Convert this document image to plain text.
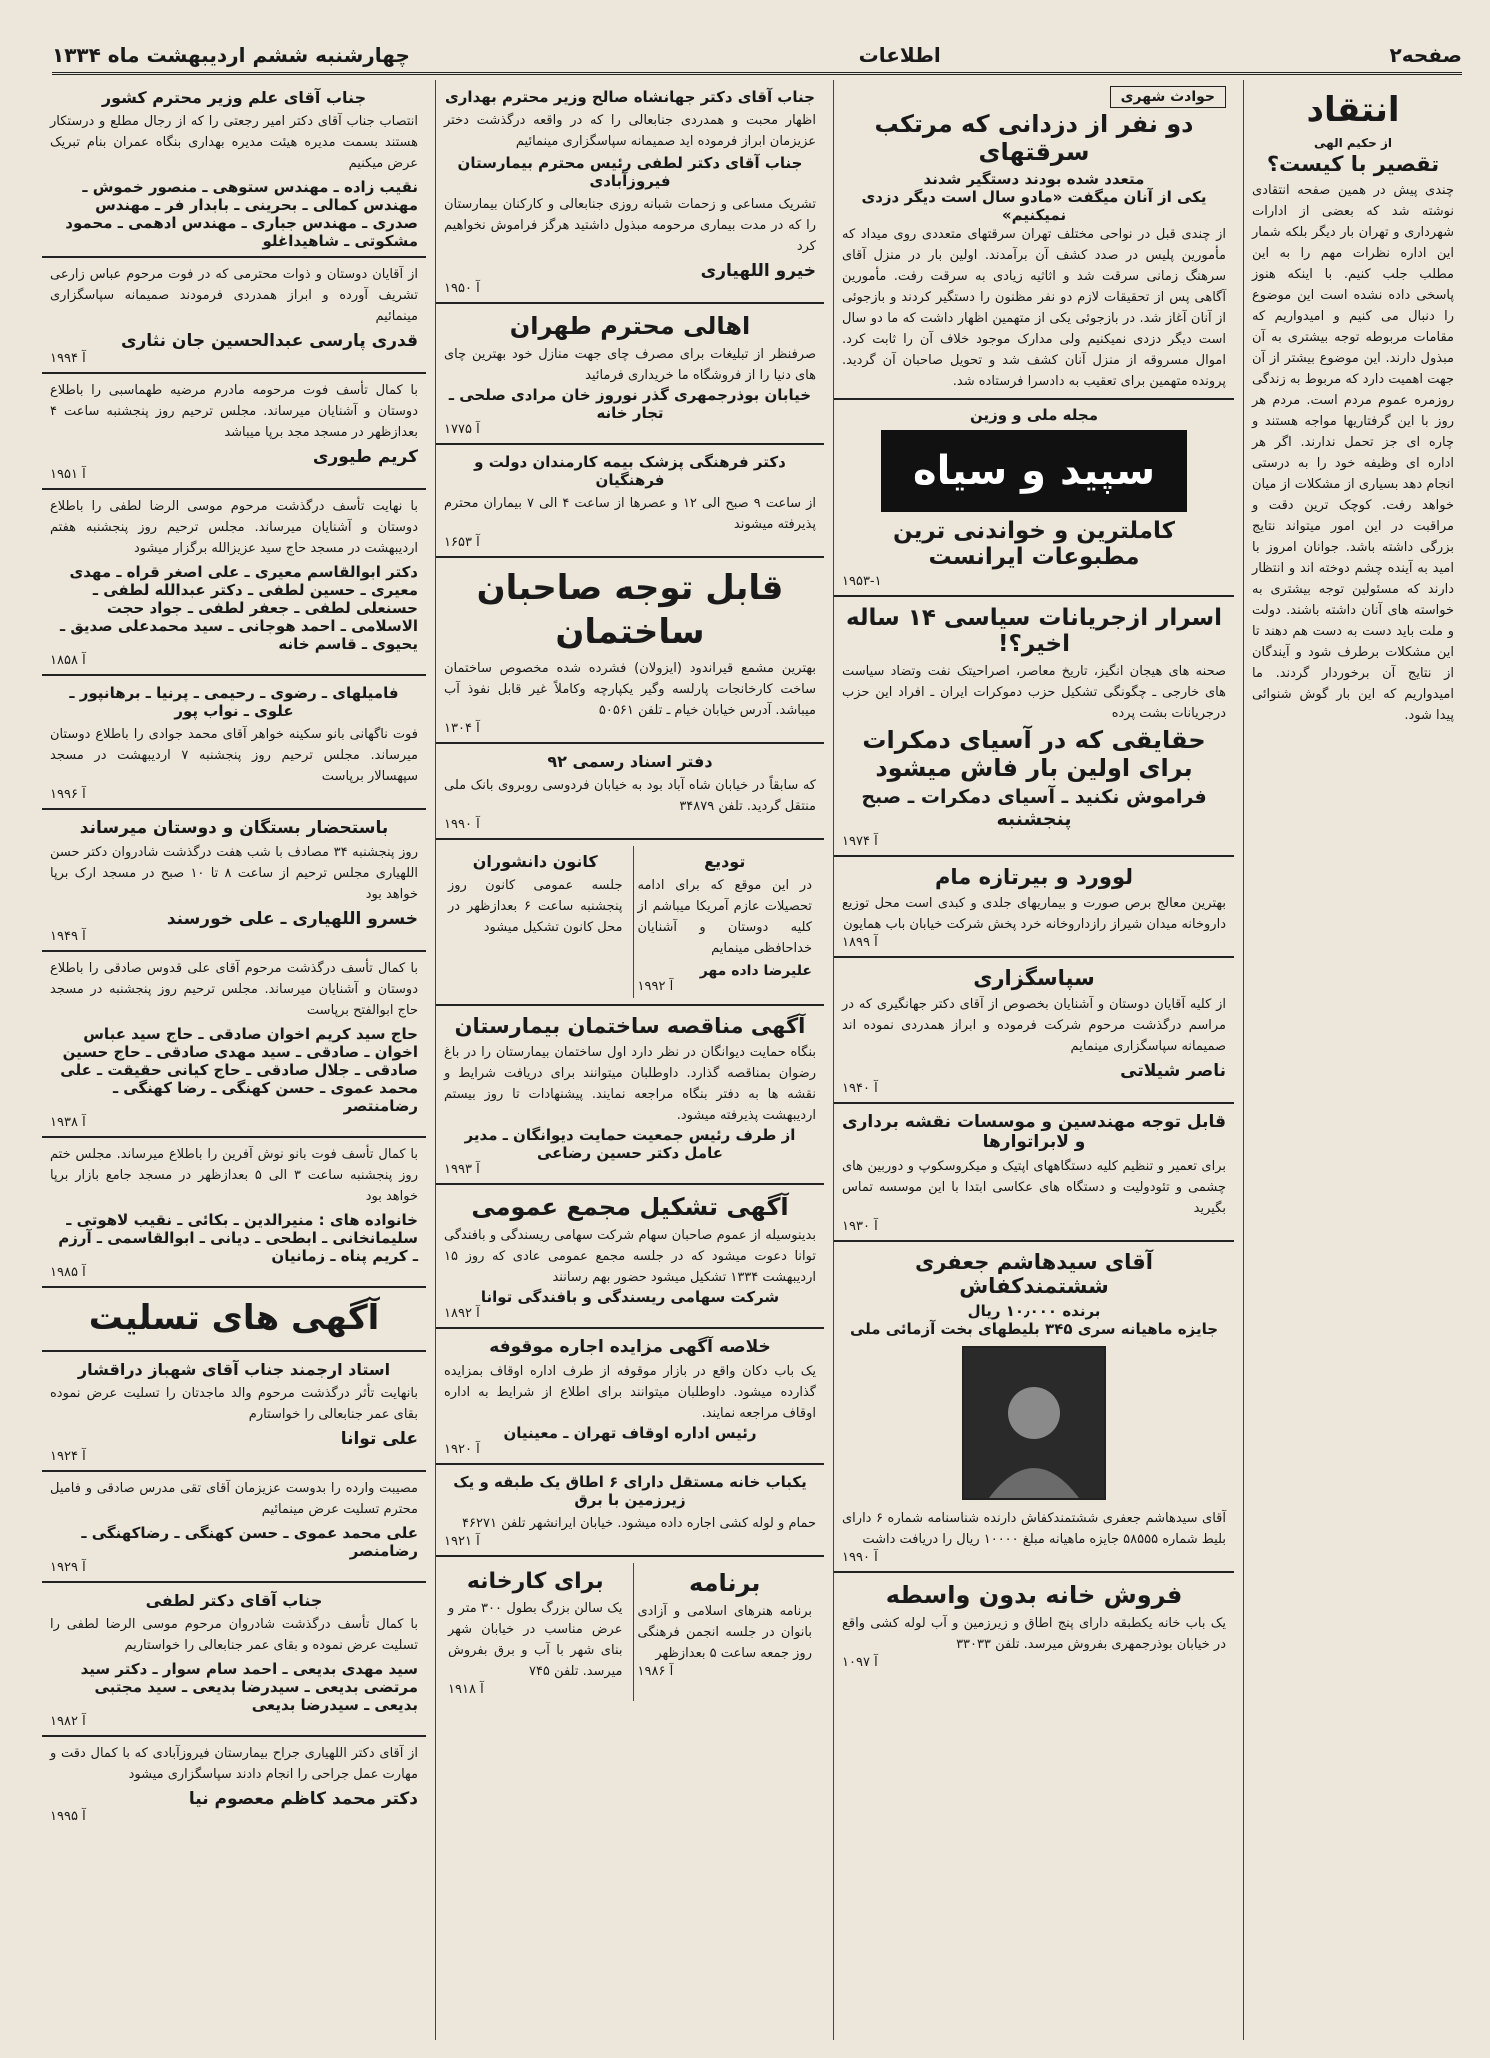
صفحه۲
اطلاعات
چهارشنبه ششم اردیبهشت ماه ۱۳۳۴
انتقاد
از حکیم الهی
تقصیر با کیست؟
چندی پیش در همین صفحه انتقادی نوشته شد که بعضی از ادارات شهرداری و تهران بار دیگر بلکه شمار این اداره نظرات مهم را به این مطلب جلب کنیم. با اینکه هنوز پاسخی داده نشده است این موضوع را دنبال می کنیم و امیدواریم که مقامات مربوطه توجه بیشتری به آن مبذول دارند. این موضوع بیشتر از آن جهت اهمیت دارد که مربوط به زندگی روزمره عموم مردم است. مردم هر روز با این گرفتاریها مواجه هستند و چاره ای جز تحمل ندارند. اگر هر اداره ای وظیفه خود را به درستی انجام دهد بسیاری از مشکلات از میان خواهد رفت. کوچک ترین دقت و مراقبت در این امور میتواند نتایج بزرگی داشته باشد. جوانان امروز با امید به آینده چشم دوخته اند و انتظار دارند که مسئولین توجه بیشتری به خواسته های آنان داشته باشند. دولت و ملت باید دست به دست هم دهند تا این مشکلات برطرف شود و آیندگان از نتایج آن برخوردار گردند. ما امیدواریم که این بار گوش شنوائی پیدا شود.
حوادث شهری
دو نفر از دزدانی که مرتکب سرقتهای
متعدد شده بودند دستگیر شدند
یکی از آنان میگفت «مادو سال است دیگر دزدی نمیکنیم»
از چندی قبل در نواحی مختلف تهران سرقتهای متعددی روی میداد که مأمورین پلیس در صدد کشف آن برآمدند. اولین بار در منزل آقای سرهنگ زمانی سرقت شد و اثاثیه زیادی به سرقت رفت. مأمورین آگاهی پس از تحقیقات لازم دو نفر مظنون را دستگیر کردند و بازجوئی از آنان آغاز شد. در بازجوئی یکی از متهمین اظهار داشت که ما دو سال است دیگر دزدی نمیکنیم ولی مدارک موجود خلاف آن را ثابت کرد. اموال مسروقه از منزل آنان کشف شد و تحویل صاحبان آن گردید. پرونده متهمین برای تعقیب به دادسرا فرستاده شد.
مجله ملی و وزین
سپید و سیاه
کاملترین و خواندنی ترین مطبوعات ایرانست
۱۹۵۳-۱
اسرار ازجریانات سیاسی ۱۴ ساله اخیر؟!
صحنه های هیجان انگیز، تاریخ معاصر، اصراحیتک نفت وتضاد سیاست های خارجی ـ چگونگی تشکیل حزب دموکرات ایران ـ افراد این حزب درجریانات بشت پرده
حقایقی که در آسیای دمکرات برای اولین بار فاش میشود
فراموش نکنید ـ آسیای دمکرات ـ صبح پنجشنبه
۱۹۷۴ آ
لوورد و بیرتازه مام
بهترین معالج برص صورت و بیماریهای جلدی و کبدی است محل توزیع داروخانه میدان شیراز رازداروخانه خرد پخش شرکت خیابان باب همایون
۱۸۹۹ آ
سپاسگزاری
از کلیه آقایان دوستان و آشنایان بخصوص از آقای دکتر جهانگیری که در مراسم درگذشت مرحوم شرکت فرموده و ابراز همدردی نموده اند صمیمانه سپاسگزاری مینمایم
ناصر شیلاتی
۱۹۴۰ آ
قابل توجه مهندسین و موسسات نقشه برداری و لابراتوارها
برای تعمیر و تنظیم کلیه دستگاههای اپتیک و میکروسکوپ و دوربین های چشمی و تئودولیت و دستگاه های عکاسی ابتدا با این موسسه تماس بگیرید
۱۹۳۰ آ
آقای سیدهاشم جعفری ششتمندکفاش
برنده ۱۰٫۰۰۰ ریال
جایزه ماهیانه سری ۳۴۵ بلیطهای بخت آزمائی ملی
آقای سیدهاشم جعفری ششتمندکفاش دارنده شناسنامه شماره ۶ دارای بلیط شماره ۵۸۵۵۵ جایزه ماهیانه مبلغ ۱۰۰۰۰ ریال را دریافت داشت
۱۹۹۰ آ
فروش خانه بدون واسطه
یک باب خانه یکطبقه دارای پنج اطاق و زیرزمین و آب لوله کشی واقع در خیابان بوذرجمهری بفروش میرسد. تلفن ۳۳۰۳۳
۱۰۹۷ آ
جناب آقای دکتر جهانشاه صالح وزیر محترم بهداری
اظهار محبت و همدردی جنابعالی را که در واقعه درگذشت دختر عزیزمان ابراز فرموده اید صمیمانه سپاسگزاری مینمائیم
جناب آقای دکتر لطفی رئیس محترم بیمارستان فیروزآبادی
تشریک مساعی و زحمات شبانه روزی جنابعالی و کارکنان بیمارستان را که در مدت بیماری مرحومه مبذول داشتید هرگز فراموش نخواهیم کرد
خیرو اللهیاری
۱۹۵۰ آ
اهالی محترم طهران
صرفنظر از تبلیغات برای مصرف چای جهت منازل خود بهترین چای های دنیا را از فروشگاه ما خریداری فرمائید
خیابان بوذرجمهری گذر نوروز خان مرادی صلحی ـ تجار خانه
۱۷۷۵ آ
دکتر فرهنگی پزشک بیمه کارمندان دولت و فرهنگیان
از ساعت ۹ صبح الی ۱۲ و عصرها از ساعت ۴ الی ۷ بیماران محترم پذیرفته میشوند
۱۶۵۳ آ
قابل توجه صاحبان ساختمان
بهترین مشمع قیراندود (ایزولان) فشرده شده مخصوص ساختمان ساخت کارخانجات پارلسه وگیر یکپارچه وکاملاً غیر قابل نفوذ آب میباشد. آدرس خیابان خیام ـ تلفن ۵۰۵۶۱
۱۳۰۴ آ
دفتر اسناد رسمی ۹۲
که سابقاً در خیابان شاه آباد بود به خیابان فردوسی روبروی بانک ملی منتقل گردید. تلفن ۳۴۸۷۹
۱۹۹۰ آ
تودیع
در این موقع که برای ادامه تحصیلات عازم آمریکا میباشم از کلیه دوستان و آشنایان خداحافظی مینمایم
علیرضا داده مهر
۱۹۹۲ آ
کانون دانشوران
جلسه عمومی کانون روز پنجشنبه ساعت ۶ بعدازظهر در محل کانون تشکیل میشود
آگهی مناقصه ساختمان بیمارستان
بنگاه حمایت دیوانگان در نظر دارد اول ساختمان بیمارستان را در باغ رضوان بمناقصه گذارد. داوطلبان میتوانند برای دریافت شرایط و نقشه ها به دفتر بنگاه مراجعه نمایند. پیشنهادات تا روز بیستم اردیبهشت پذیرفته میشود.
از طرف رئیس جمعیت حمایت دیوانگان ـ مدیر عامل دکتر حسین رضاعی
۱۹۹۳ آ
آگهی تشکیل مجمع عمومی
بدینوسیله از عموم صاحبان سهام شرکت سهامی ریسندگی و بافندگی توانا دعوت میشود که در جلسه مجمع عمومی عادی که روز ۱۵ اردیبهشت ۱۳۳۴ تشکیل میشود حضور بهم رسانند
شرکت سهامی ریسندگی و بافندگی توانا
۱۸۹۲ آ
خلاصه آگهی مزایده اجاره موقوفه
یک باب دکان واقع در بازار موقوفه از طرف اداره اوقاف بمزایده گذارده میشود. داوطلبان میتوانند برای اطلاع از شرایط به اداره اوقاف مراجعه نمایند.
رئیس اداره اوقاف تهران ـ معینیان
۱۹۲۰ آ
یکباب خانه مستقل دارای ۶ اطاق یک طبقه و یک زیرزمین با برق
حمام و لوله کشی اجاره داده میشود. خیابان ایرانشهر تلفن ۴۶۲۷۱
۱۹۲۱ آ
برنامه
برنامه هنرهای اسلامی و آزادی بانوان در جلسه انجمن فرهنگی روز جمعه ساعت ۵ بعدازظهر
۱۹۸۶ آ
برای کارخانه
یک سالن بزرگ بطول ۳۰۰ متر و عرض مناسب در خیابان شهر بنای شهر با آب و برق بفروش میرسد. تلفن ۷۴۵
۱۹۱۸ آ
جناب آقای علم وزیر محترم کشور
انتصاب جناب آقای دکتر امیر رجعتی را که از رجال مطلع و درستکار هستند بسمت مدیره هیئت مدیره بهداری بنگاه عمران بنام تبریک عرض میکنیم
نقیب زاده ـ مهندس ستوهی ـ منصور خموش ـ مهندس کمالی ـ بحرینی ـ بابدار فر ـ مهندس صدری ـ مهندس جباری ـ مهندس ادهمی ـ محمود مشکوتی ـ شاهیداغلو
از آقایان دوستان و ذوات محترمی که در فوت مرحوم عباس زارعی تشریف آورده و ابراز همدردی فرمودند صمیمانه سپاسگزاری مینمائیم
قدری پارسی عبدالحسین جان نثاری
۱۹۹۴ آ
با کمال تأسف فوت مرحومه مادرم مرضیه طهماسبی را باطلاع دوستان و آشنایان میرساند. مجلس ترحیم روز پنجشنبه ساعت ۴ بعدازظهر در مسجد مجد برپا میباشد
کریم طیوری
۱۹۵۱ آ
با نهایت تأسف درگذشت مرحوم موسی الرضا لطفی را باطلاع دوستان و آشنایان میرساند. مجلس ترحیم روز پنجشنبه هفتم اردیبهشت در مسجد حاج سید عزیزالله برگزار میشود
دکتر ابوالقاسم معیری ـ علی اصغر قراه ـ مهدی معیری ـ حسین لطفی ـ دکتر عبدالله لطفی ـ حسنعلی لطفی ـ جعفر لطفی ـ جواد حجت الاسلامی ـ احمد هوجانی ـ سید محمدعلی صدیق ـ یحیوی ـ قاسم خانه
۱۸۵۸ آ
فامیلهای ـ رضوی ـ رحیمی ـ پرنیا ـ برهانپور ـ علوی ـ نواب پور
فوت ناگهانی بانو سکینه خواهر آقای محمد جوادی را باطلاع دوستان میرساند. مجلس ترحیم روز پنجشنبه ۷ اردیبهشت در مسجد سپهسالار برپاست
۱۹۹۶ آ
باستحضار بستگان و دوستان میرساند
روز پنجشنبه ۳۴ مصادف با شب هفت درگذشت شادروان دکتر حسن اللهیاری مجلس ترحیم از ساعت ۸ تا ۱۰ صبح در مسجد ارک برپا خواهد بود
خسرو اللهیاری ـ علی خورسند
۱۹۴۹ آ
با کمال تأسف درگذشت مرحوم آقای علی قدوس صادقی را باطلاع دوستان و آشنایان میرساند. مجلس ترحیم روز پنجشنبه در مسجد حاج ابوالفتح برپاست
حاج سید کریم اخوان صادقی ـ حاج سید عباس اخوان ـ صادقی ـ سید مهدی صادقی ـ حاج حسین صادقی ـ جلال صادقی ـ حاج کیانی حقیقت ـ علی محمد عموی ـ حسن کهنگی ـ رضا کهنگی ـ رضامنتصر
۱۹۳۸ آ
با کمال تأسف فوت بانو نوش آفرین را باطلاع میرساند. مجلس ختم روز پنجشنبه ساعت ۳ الی ۵ بعدازظهر در مسجد جامع بازار برپا خواهد بود
خانواده های : منیرالدین ـ بکائی ـ نقیب لاهوتی ـ سلیمانخانی ـ ابطحی ـ دیانی ـ ابوالقاسمی ـ آرزم ـ کریم پناه ـ زمانیان
۱۹۸۵ آ
آگهی های تسلیت
استاد ارجمند جناب آقای شهباز دراقشار
بانهایت تأثر درگذشت مرحوم والد ماجدتان را تسلیت عرض نموده بقای عمر جنابعالی را خواستارم
علی توانا
۱۹۲۴ آ
مصیبت وارده را بدوست عزیزمان آقای تقی مدرس صادقی و فامیل محترم تسلیت عرض مینمائیم
علی محمد عموی ـ حسن کهنگی ـ رضاکهنگی ـ رضامنصر
۱۹۲۹ آ
جناب آقای دکتر لطفی
با کمال تأسف درگذشت شادروان مرحوم موسی الرضا لطفی را تسلیت عرض نموده و بقای عمر جنابعالی را خواستاریم
سید مهدی بدیعی ـ احمد سام سوار ـ دکتر سید مرتضی بدیعی ـ سیدرضا بدیعی ـ سید مجتبی بدیعی ـ سیدرضا بدیعی
۱۹۸۲ آ
از آقای دکتر اللهیاری جراح بیمارستان فیروزآبادی که با کمال دقت و مهارت عمل جراحی را انجام دادند سپاسگزاری میشود
دکتر محمد کاظم معصوم نیا
۱۹۹۵ آ
